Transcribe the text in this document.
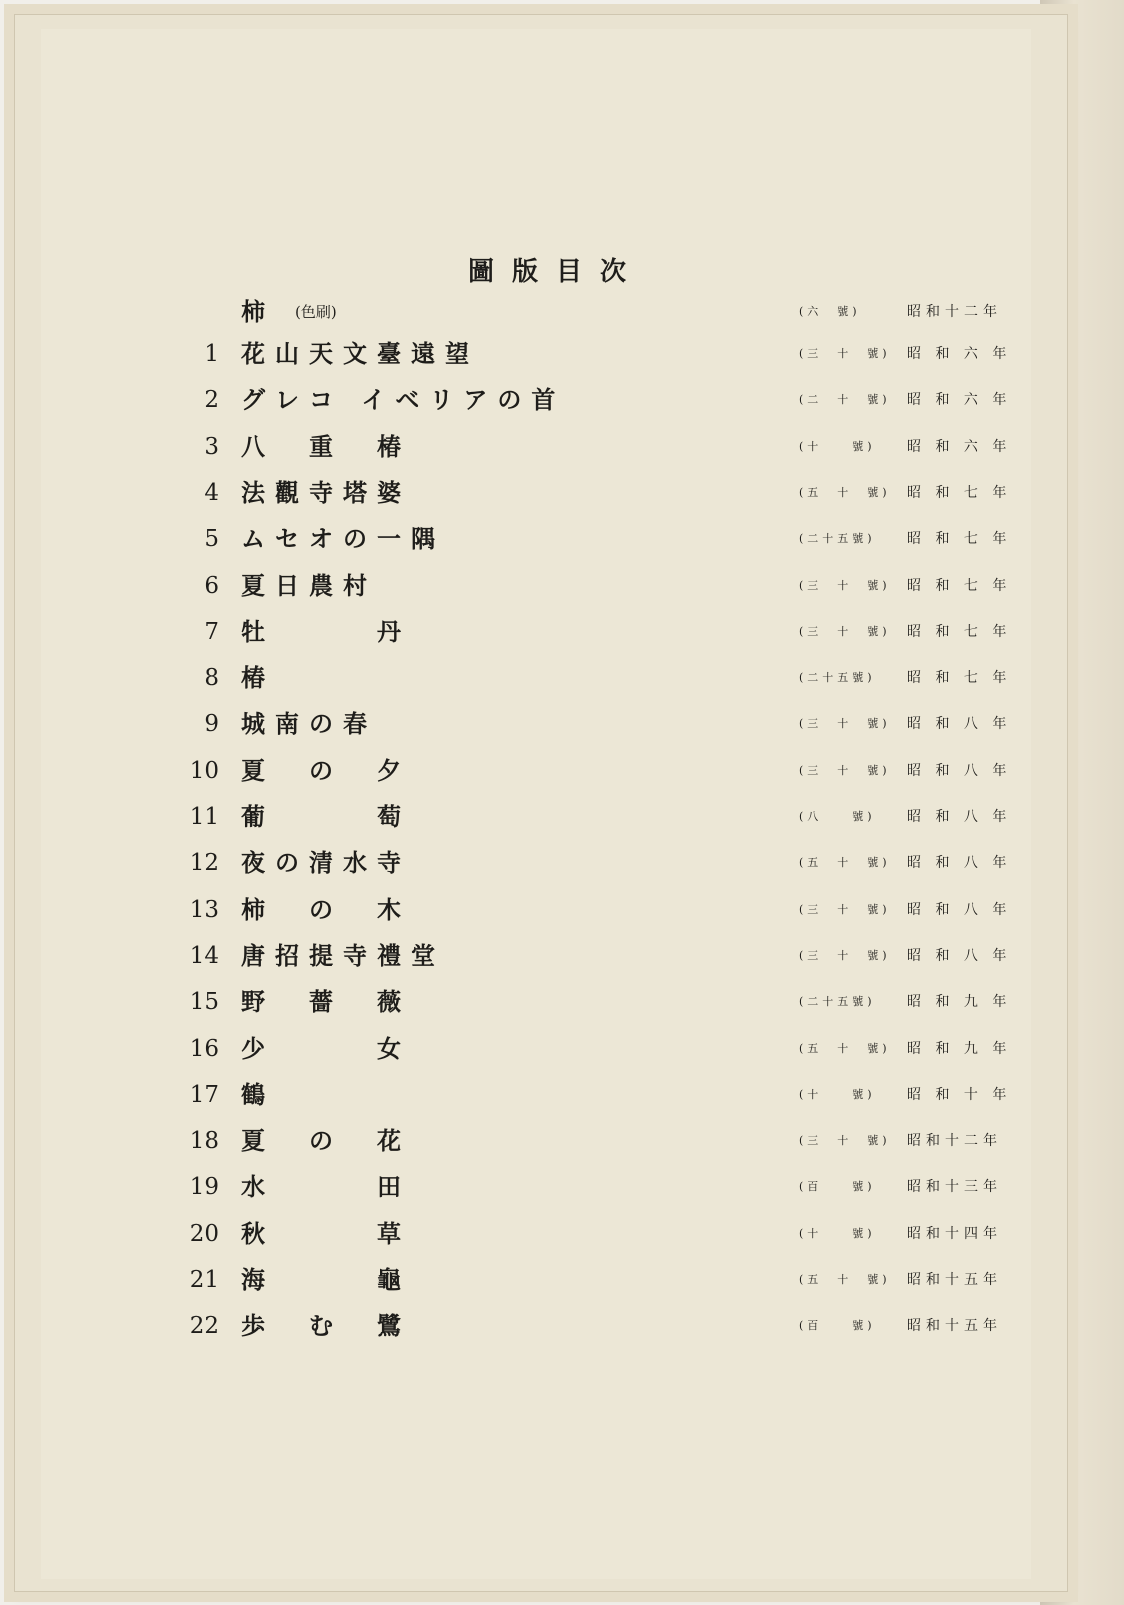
圖版目次
柿 (色刷)	(六　號)	昭和十二年
1 花山天文臺遠望	(三　十　號)	昭 和 六 年
2 グレコ イベリアの首	(二　十　號)	昭 和 六 年
3 八　重　椿	(十　　號)	昭 和 六 年
4 法觀寺塔婆	(五　十　號)	昭 和 七 年
5 ムセオの一隅	(二十五號)	昭 和 七 年
6 夏日農村	(三　十　號)	昭 和 七 年
7 牡　　　丹	(三　十　號)	昭 和 七 年
8 椿	(二十五號)	昭 和 七 年
9 城南の春	(三　十　號)	昭 和 八 年
10 夏　の　夕	(三　十　號)	昭 和 八 年
11 葡　　　萄	(八　　號)	昭 和 八 年
12 夜の清水寺	(五　十　號)	昭 和 八 年
13 柿　の　木	(三　十　號)	昭 和 八 年
14 唐招提寺禮堂	(三　十　號)	昭 和 八 年
15 野　薔　薇	(二十五號)	昭 和 九 年
16 少　　　女	(五　十　號)	昭 和 九 年
17 鶴	(十　　號)	昭 和 十 年
18 夏　の　花	(三　十　號)	昭和十二年
19 水　　　田	(百　　號)	昭和十三年
20 秋　　　草	(十　　號)	昭和十四年
21 海　　　龜	(五　十　號)	昭和十五年
22 歩　む　鷺	(百　　號)	昭和十五年
